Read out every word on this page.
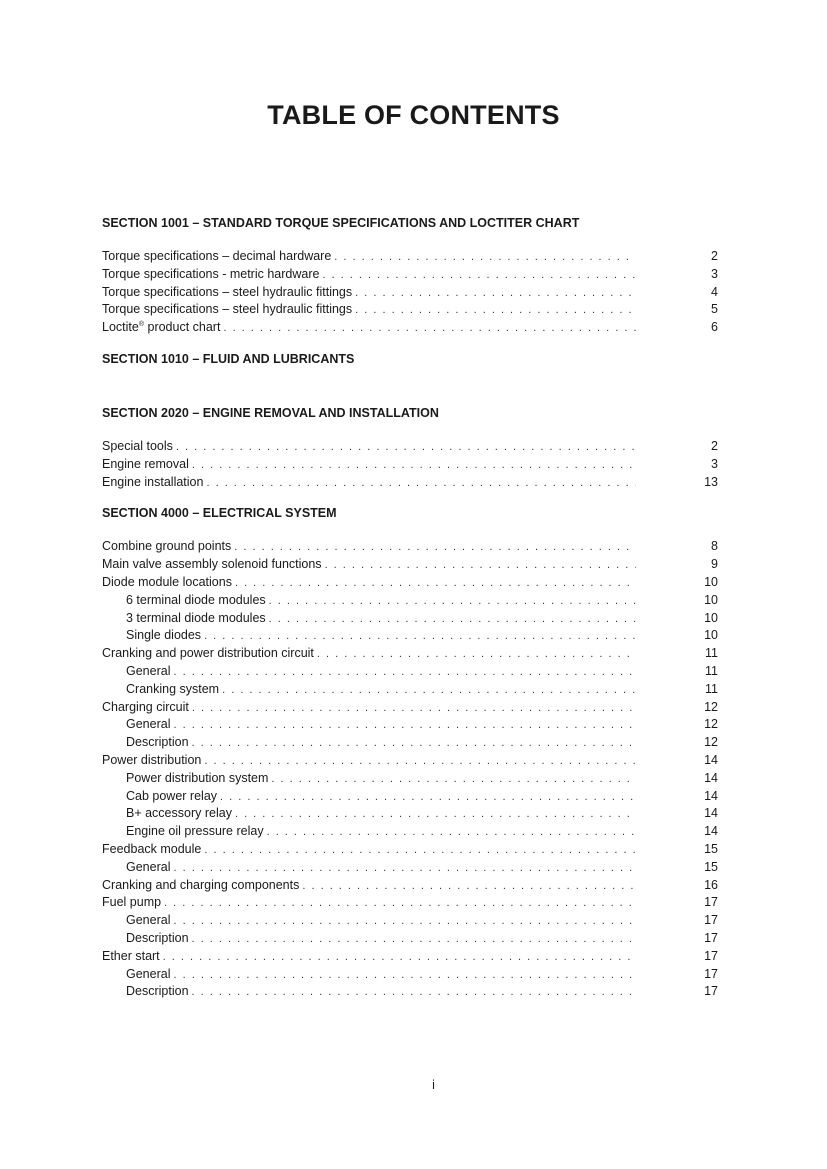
TABLE OF CONTENTS
SECTION 1001 – STANDARD TORQUE SPECIFICATIONS AND LOCTITER CHART
Torque specifications – decimal hardware . . .	2
Torque specifications - metric hardware . . .	3
Torque specifications – steel hydraulic fittings . . .	4
Torque specifications – steel hydraulic fittings . . .	5
Loctite® product chart . . .	6
SECTION 1010 – FLUID AND LUBRICANTS
SECTION 2020 – ENGINE REMOVAL AND INSTALLATION
Special tools . . .	2
Engine removal . . .	3
Engine installation . . .	13
SECTION 4000 – ELECTRICAL SYSTEM
Combine ground points . . .	8
Main valve assembly solenoid functions . . .	9
Diode module locations . . .	10
6 terminal diode modules . . .	10
3 terminal diode modules . . .	10
Single diodes . . .	10
Cranking and power distribution circuit . . .	11
General . . .	11
Cranking system . . .	11
Charging circuit . . .	12
General . . .	12
Description . . .	12
Power distribution . . .	14
Power distribution system . . .	14
Cab power relay . . .	14
B+ accessory relay . . .	14
Engine oil pressure relay . . .	14
Feedback module . . .	15
General . . .	15
Cranking and charging components . . .	16
Fuel pump . . .	17
General . . .	17
Description . . .	17
Ether start . . .	17
General . . .	17
Description . . .	17
i
